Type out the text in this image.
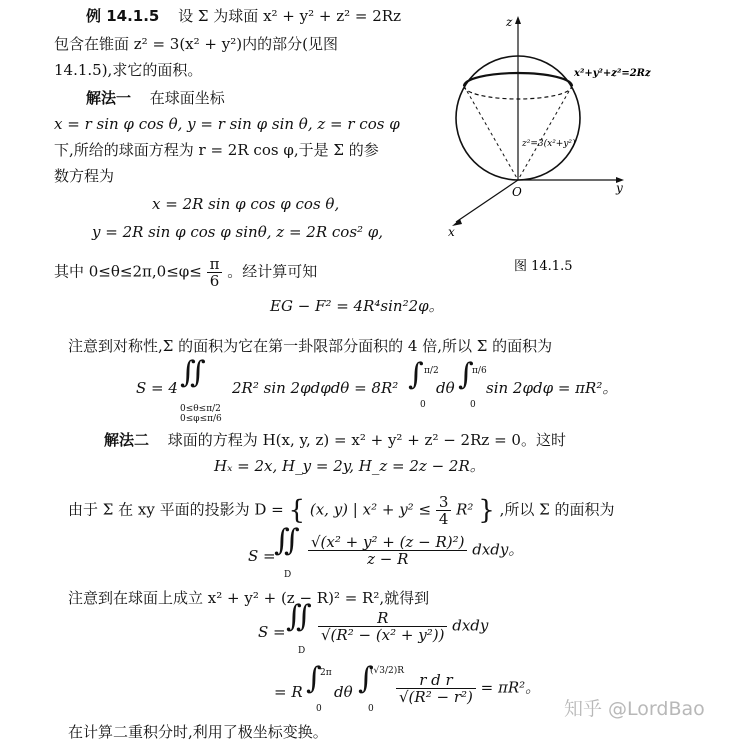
例 14.1.5 设 Σ 为球面 x² + y² + z² = 2Rz
包含在锥面 z² = 3(x² + y²)内的部分(见图
14.1.5),求它的面积。
解法一 在球面坐标
x = r sin φ cos θ, y = r sin φ sin θ, z = r cos φ
下,所给的球面方程为 r = 2R cos φ,于是 Σ 的参
数方程为
x = 2R sin φ cos φ cos θ,
y = 2R sin φ cos φ sinθ, z = 2R cos² φ,
其中 $0\le\theta\le 2\pi,0\le\varphi\le \frac{\pi}{6}$ 。经计算可知
EG − F² = 4R⁴sin²2φ。
注意到对称性,Σ 的面积为它在第一卦限部分面积的 4 倍,所以 Σ 的面积为
S = 4 ∬
0≤θ≤π/2
0≤φ≤π/6
2R² sin 2φdφdθ = 8R² ∫ π/2
0
dθ ∫
π/6
0
sin 2φdφ = πR²。
解法二 球面的方程为 H(x, y, z) = x² + y² + z² − 2Rz = 0。这时
Hₓ = 2x, H_y = 2y, H_z = 2z − 2R。
由于 Σ 在 xy 平面的投影为 D = { (x, y) | $x^2 + y^2 \le \frac{3}{4} R^2$ } ,所以 Σ 的面积为
S =
∬
D
$\frac{\text{√(x² + y² + (z − R)²)}}{z - R}$ dxdy。
注意到在球面上成立 x² + y² + (z − R)² = R²,就得到
S = ∬
D
$\frac{R}{\text{√(R² − (x² + y²))}}$ dxdy
= R ∫
2π
0
dθ ∫
(√3/2)R
0
$\frac{\text{r d r}}{\text{√(R² − r²)}} = \pi R^2$。
在计算二重积分时,利用了极坐标变换。
z
y
x
x²+y²+z²=2Rz
z²=3(x²+y²)
O
图 14.1.5
知乎 @LordBao
